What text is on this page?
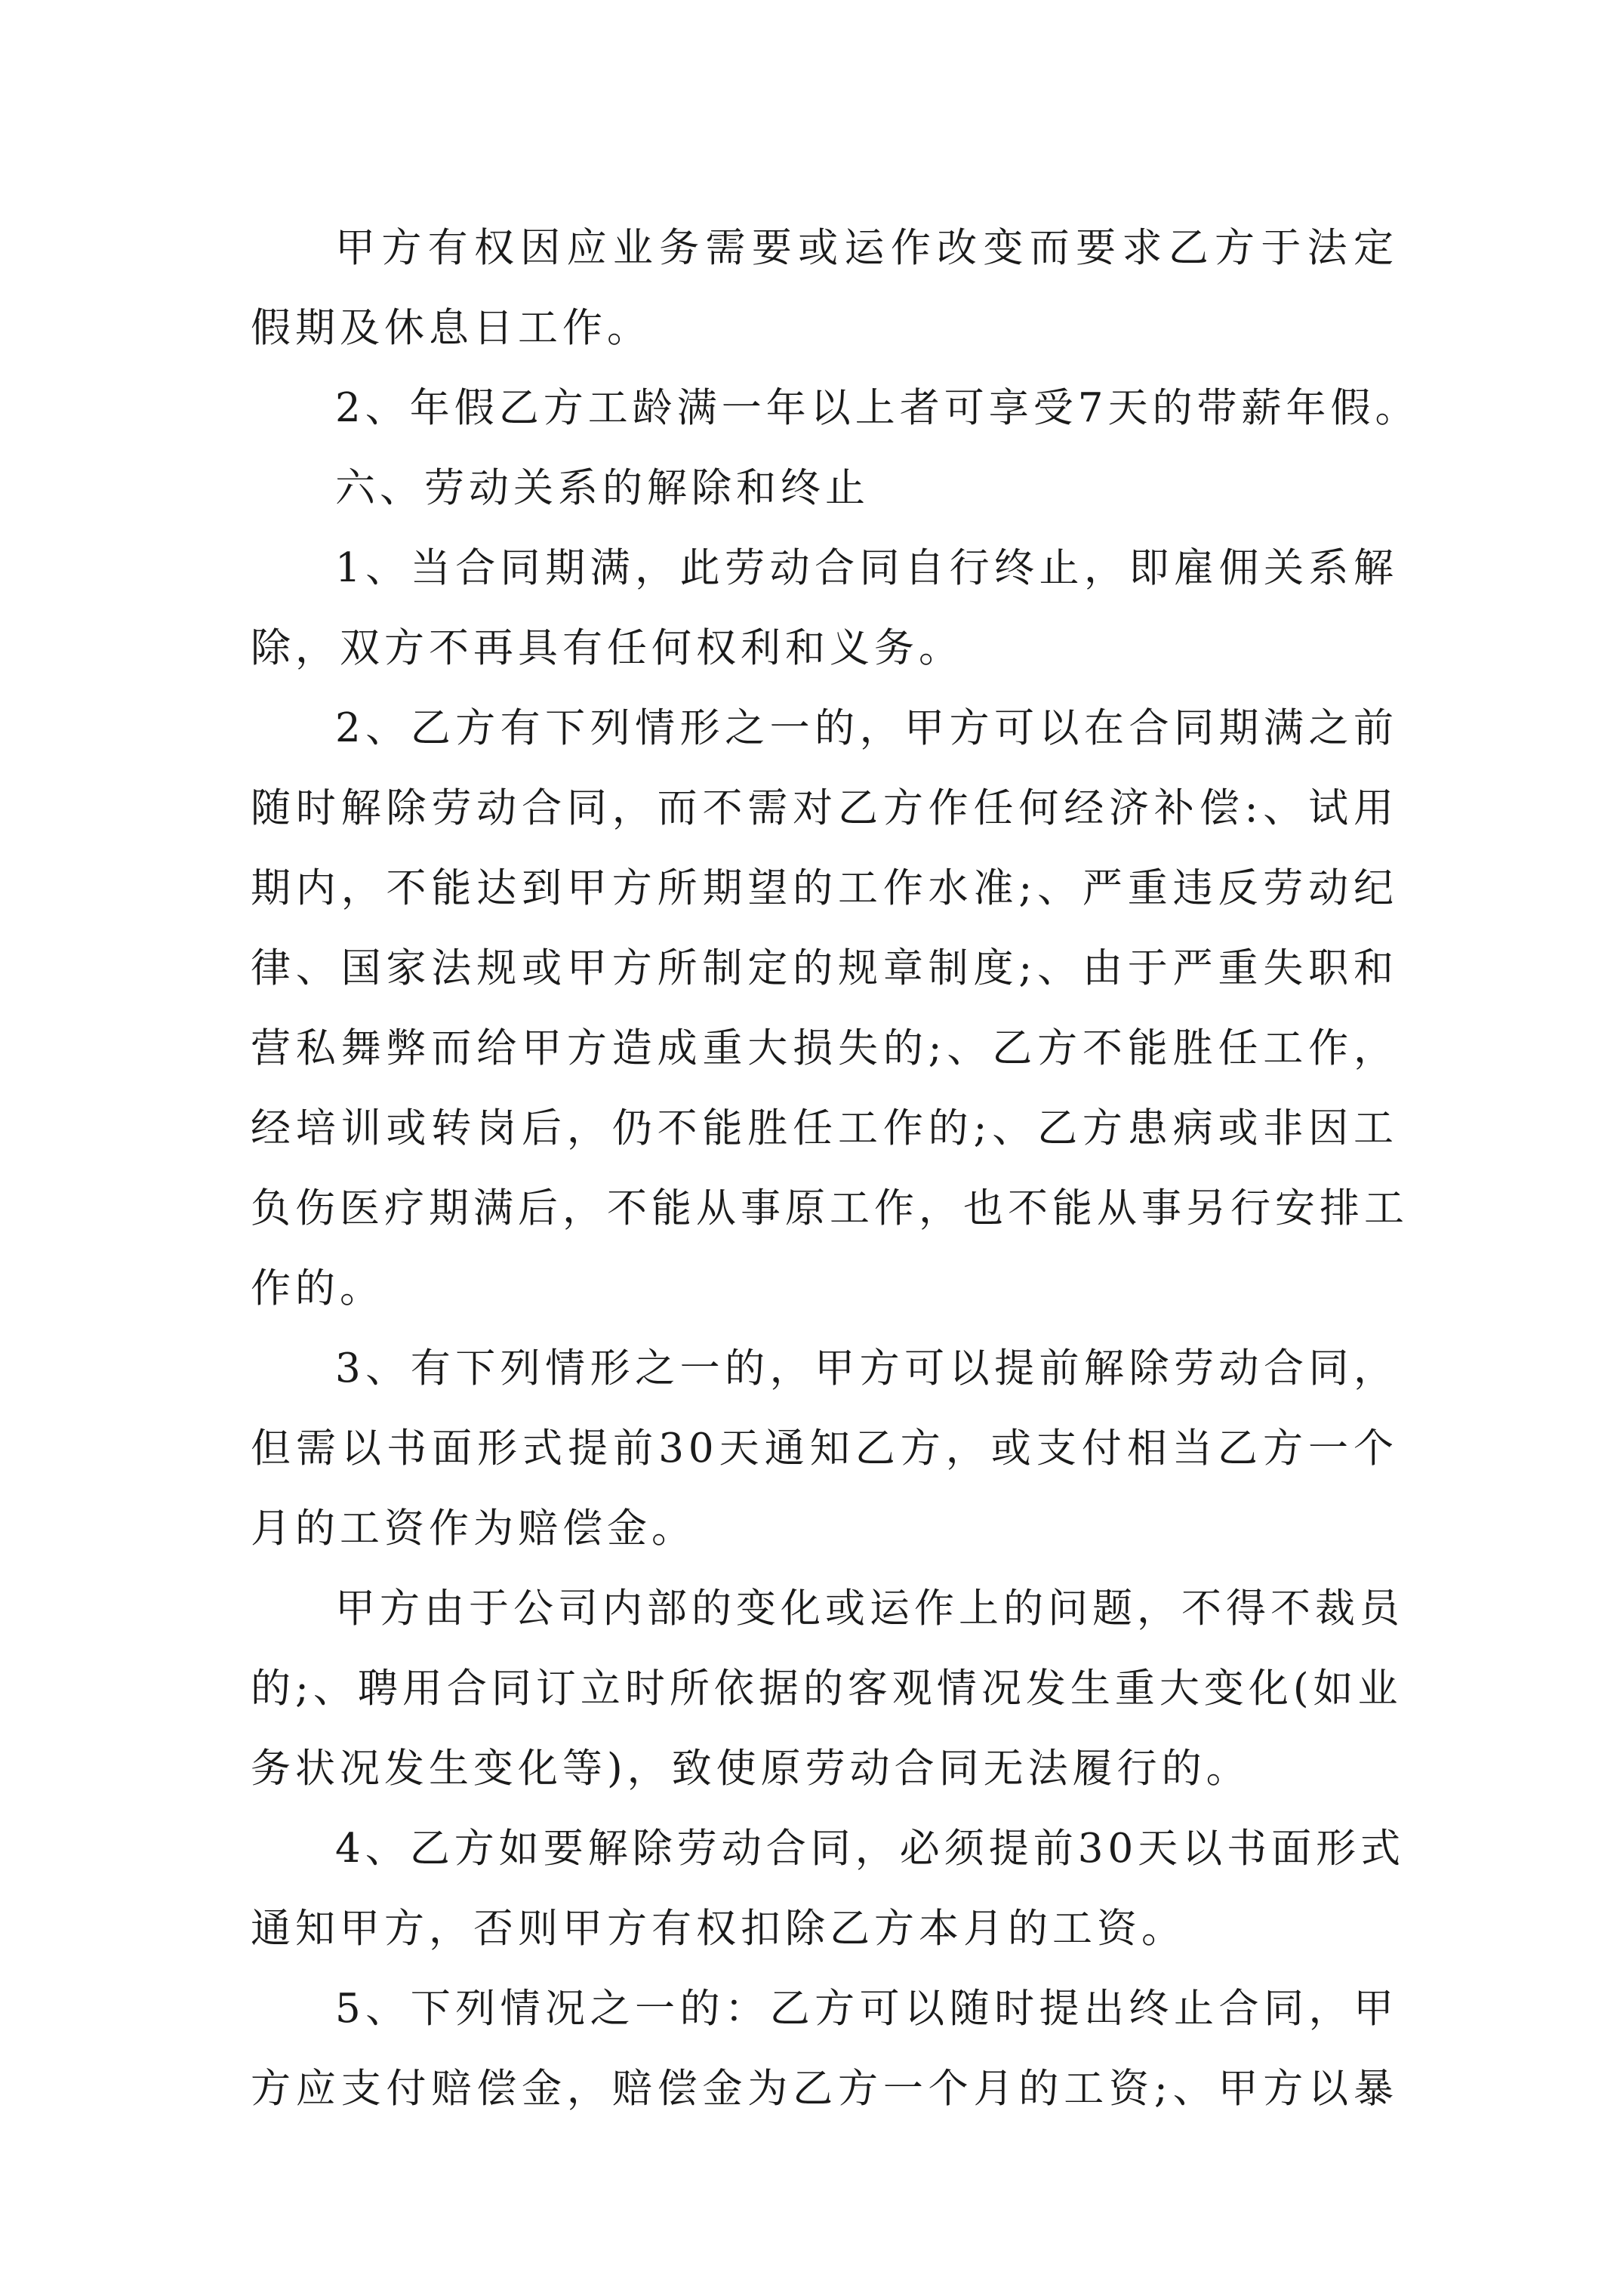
甲方有权因应业务需要或运作改变而要求乙方于法定
假期及休息日工作。
2、年假乙方工龄满一年以上者可享受7天的带薪年假。
六、劳动关系的解除和终止
1、当合同期满，此劳动合同自行终止，即雇佣关系解
除，双方不再具有任何权利和义务。
2、乙方有下列情形之一的，甲方可以在合同期满之前
随时解除劳动合同，而不需对乙方作任何经济补偿:、试用
期内，不能达到甲方所期望的工作水准;、严重违反劳动纪
律、国家法规或甲方所制定的规章制度;、由于严重失职和
营私舞弊而给甲方造成重大损失的;、乙方不能胜任工作，
经培训或转岗后，仍不能胜任工作的;、乙方患病或非因工
负伤医疗期满后，不能从事原工作，也不能从事另行安排工
作的。
3、有下列情形之一的，甲方可以提前解除劳动合同，
但需以书面形式提前30天通知乙方，或支付相当乙方一个
月的工资作为赔偿金。
甲方由于公司内部的变化或运作上的问题，不得不裁员
的;、聘用合同订立时所依据的客观情况发生重大变化(如业
务状况发生变化等)，致使原劳动合同无法履行的。
4、乙方如要解除劳动合同，必须提前30天以书面形式
通知甲方，否则甲方有权扣除乙方本月的工资。
5、下列情况之一的：乙方可以随时提出终止合同，甲
方应支付赔偿金，赔偿金为乙方一个月的工资;、甲方以暴
